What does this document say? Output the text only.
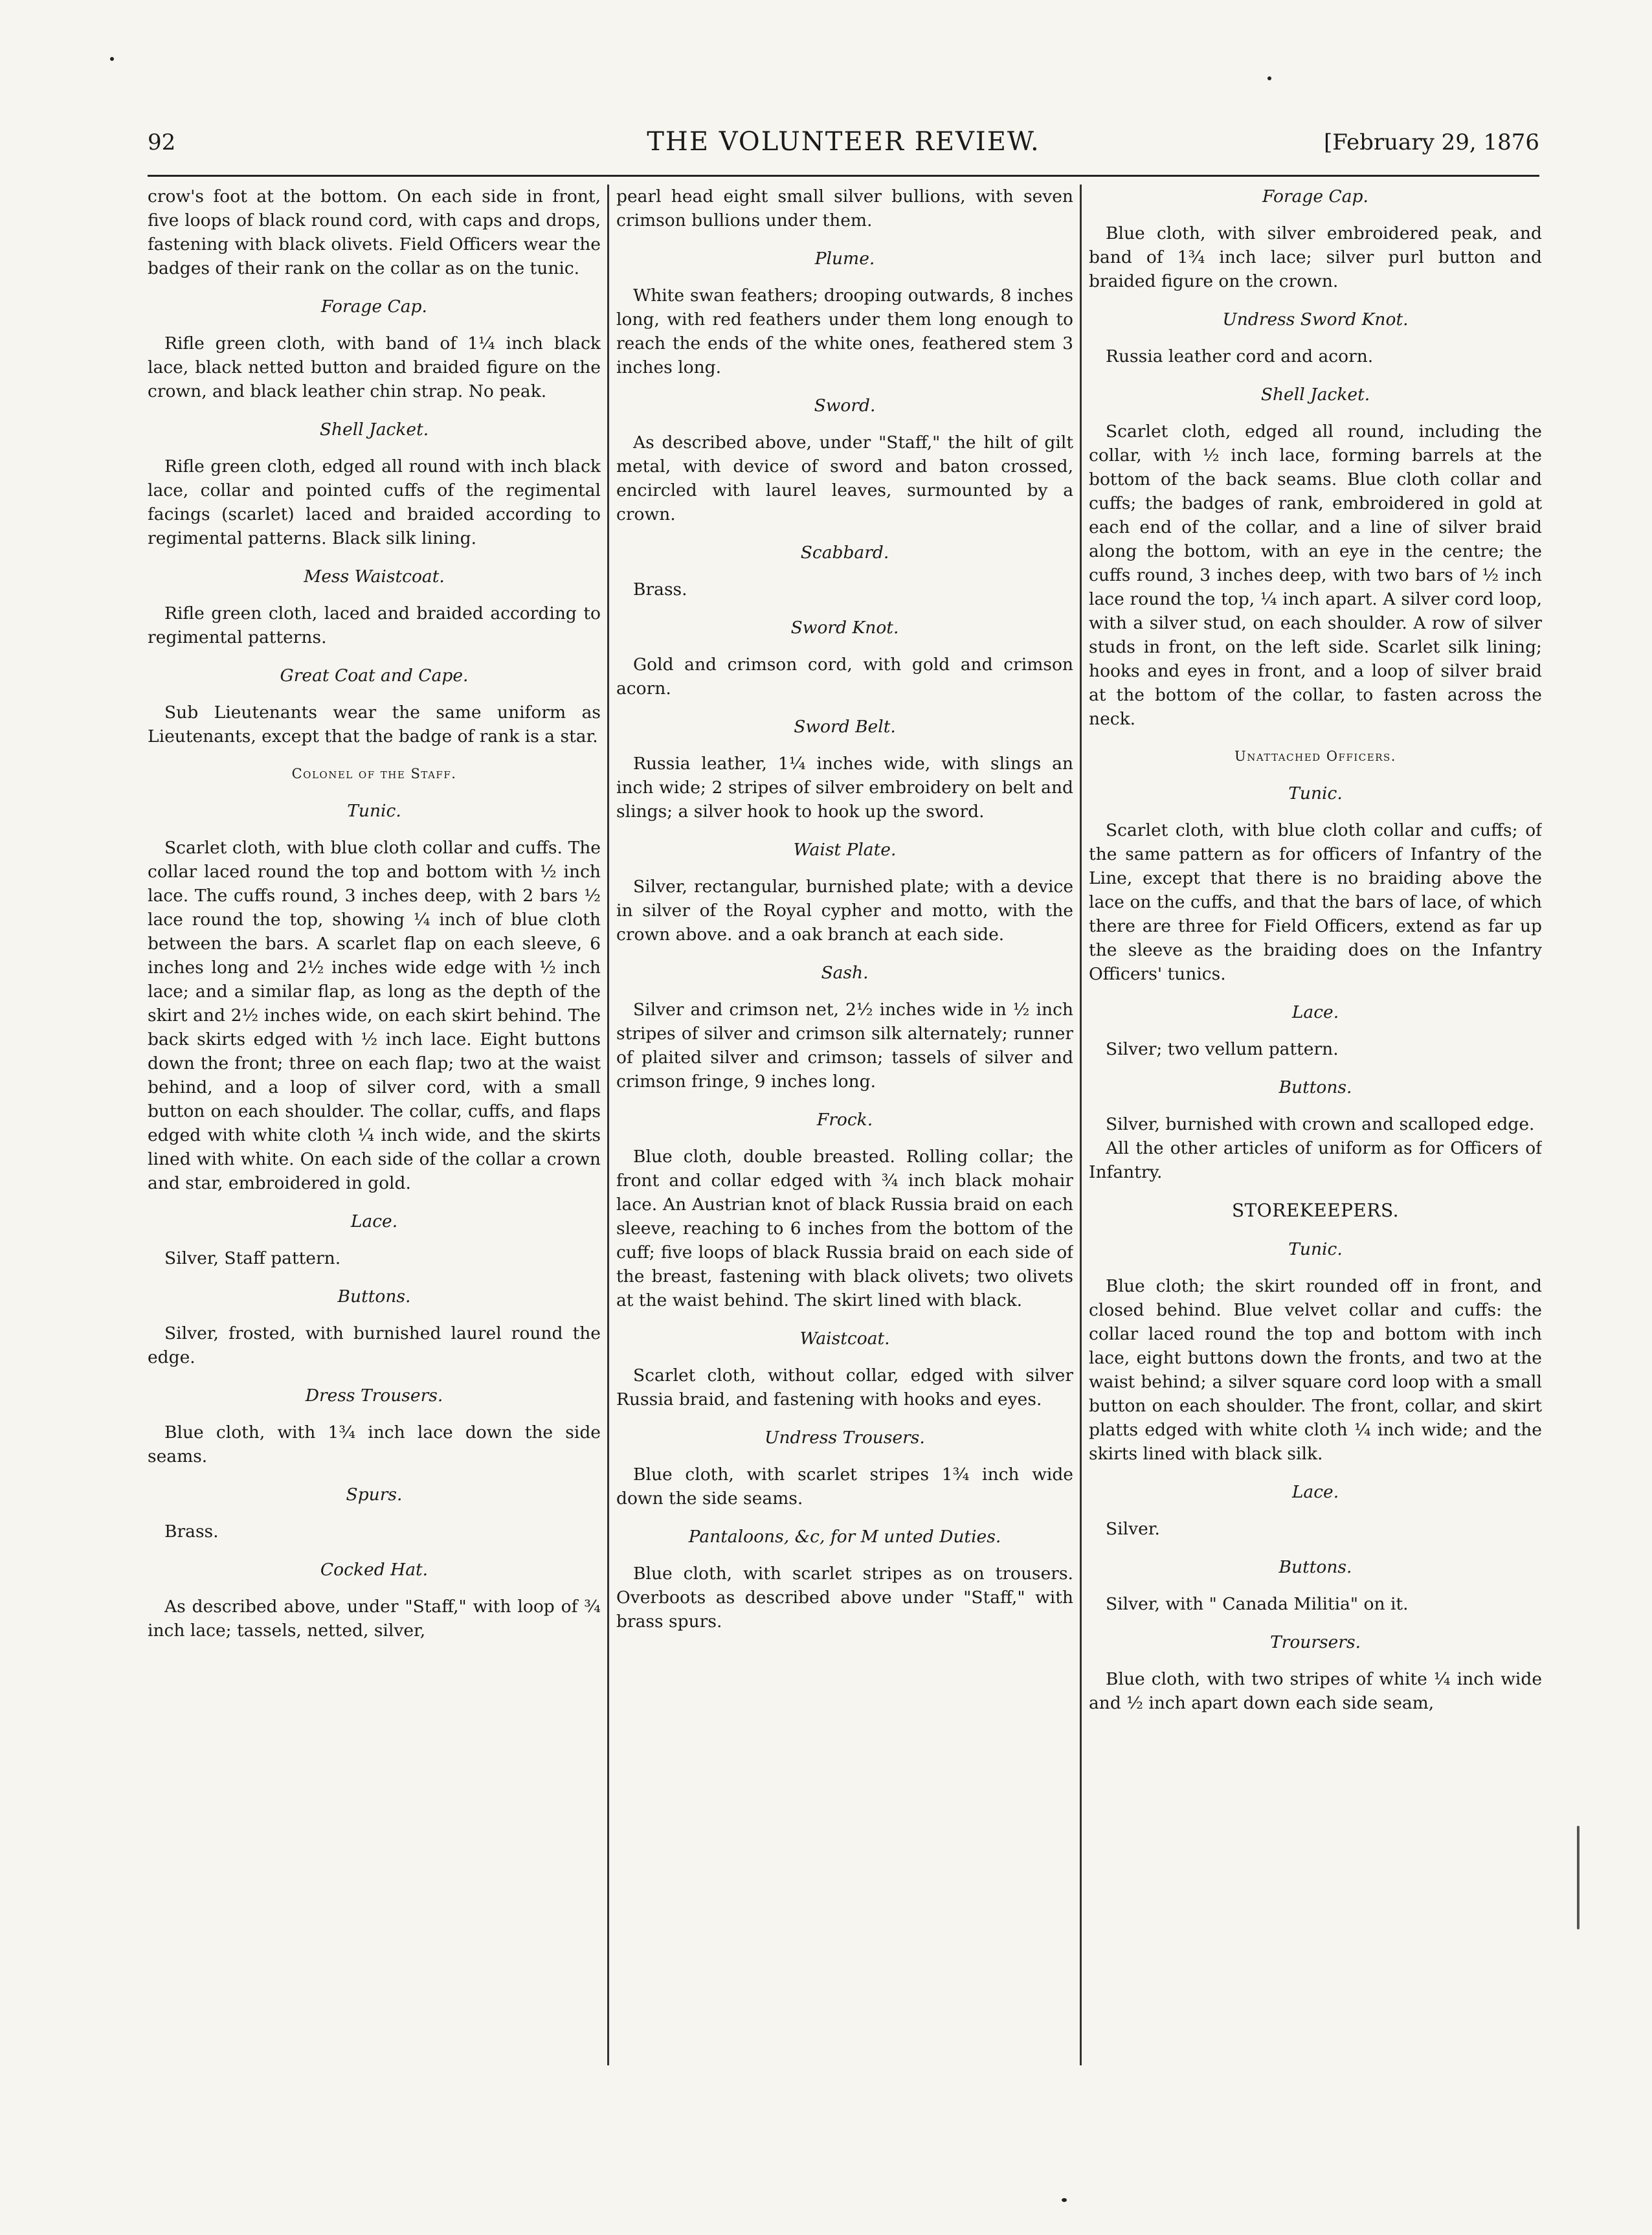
92	THE VOLUNTEER REVIEW.	[February 29, 1876

crow's foot at the bottom. On each side in front, five loops of black round cord, with caps and drops, fastening with black olivets. Field Officers wear the badges of their rank on the collar as on the tunic.

Forage Cap.

Rifle green cloth, with band of 1¼ inch black lace, black netted button and braided figure on the crown, and black leather chin strap. No peak.

Shell Jacket.

Rifle green cloth, edged all round with inch black lace, collar and pointed cuffs of the regimental facings (scarlet) laced and braided according to regimental patterns. Black silk lining.

Mess Waistcoat.

Rifle green cloth, laced and braided according to regimental patterns.

Great Coat and Cape.

Sub Lieutenants wear the same uniform as Lieutenants, except that the badge of rank is a star.

Colonel of the Staff.
Tunic.

Scarlet cloth, with blue cloth collar and cuffs. The collar laced round the top and bottom with ½ inch lace. The cuffs round, 3 inches deep, with 2 bars ½ lace round the top, showing ¼ inch of blue cloth between the bars. A scarlet flap on each sleeve, 6 inches long and 2½ inches wide edge with ½ inch lace; and a similar flap, as long as the depth of the skirt and 2½ inches wide, on each skirt behind. The back skirts edged with ½ inch lace. Eight buttons down the front; three on each flap; two at the waist behind, and a loop of silver cord, with a small button on each shoulder. The collar, cuffs, and flaps edged with white cloth ¼ inch wide, and the skirts lined with white. On each side of the collar a crown and star, embroidered in gold.

Lace.

Silver, Staff pattern.

Buttons.

Silver, frosted, with burnished laurel round the edge.

Dress Trousers.

Blue cloth, with 1¾ inch lace down the side seams.

Spurs.

Brass.

Cocked Hat.

As described above, under "Staff," with loop of ¾ inch lace; tassels, netted, silver,

pearl head eight small silver bullions, with seven crimson bullions under them.

Plume.

White swan feathers; drooping outwards, 8 inches long, with red feathers under them long enough to reach the ends of the white ones, feathered stem 3 inches long.

Sword.

As described above, under "Staff," the hilt of gilt metal, with device of sword and baton crossed, encircled with laurel leaves, surmounted by a crown.

Scabbard.

Brass.

Sword Knot.

Gold and crimson cord, with gold and crimson acorn.

Sword Belt.

Russia leather, 1¼ inches wide, with slings an inch wide; 2 stripes of silver embroidery on belt and slings; a silver hook to hook up the sword.

Waist Plate.

Silver, rectangular, burnished plate; with a device in silver of the Royal cypher and motto, with the crown above. and a oak branch at each side.

Sash.

Silver and crimson net, 2½ inches wide in ½ inch stripes of silver and crimson silk alternately; runner of plaited silver and crimson; tassels of silver and crimson fringe, 9 inches long.

Frock.

Blue cloth, double breasted. Rolling collar; the front and collar edged with ¾ inch black mohair lace. An Austrian knot of black Russia braid on each sleeve, reaching to 6 inches from the bottom of the cuff; five loops of black Russia braid on each side of the breast, fastening with black olivets; two olivets at the waist behind. The skirt lined with black.

Waistcoat.

Scarlet cloth, without collar, edged with silver Russia braid, and fastening with hooks and eyes.

Undress Trousers.

Blue cloth, with scarlet stripes 1¾ inch wide down the side seams.

Pantaloons, &c, for M unted Duties.

Blue cloth, with scarlet stripes as on trousers. Overboots as described above under "Staff," with brass spurs.

Forage Cap.

Blue cloth, with silver embroidered peak, and band of 1¾ inch lace; silver purl button and braided figure on the crown.

Undress Sword Knot.

Russia leather cord and acorn.

Shell Jacket.

Scarlet cloth, edged all round, including the collar, with ½ inch lace, forming barrels at the bottom of the back seams. Blue cloth collar and cuffs; the badges of rank, embroidered in gold at each end of the collar, and a line of silver braid along the bottom, with an eye in the centre; the cuffs round, 3 inches deep, with two bars of ½ inch lace round the top, ¼ inch apart. A silver cord loop, with a silver stud, on each shoulder. A row of silver studs in front, on the left side. Scarlet silk lining; hooks and eyes in front, and a loop of silver braid at the bottom of the collar, to fasten across the neck.

Unattached Officers.
Tunic.

Scarlet cloth, with blue cloth collar and cuffs; of the same pattern as for officers of Infantry of the Line, except that there is no braiding above the lace on the cuffs, and that the bars of lace, of which there are three for Field Officers, extend as far up the sleeve as the braiding does on the Infantry Officers' tunics.

Lace.

Silver; two vellum pattern.

Buttons.

Silver, burnished with crown and scalloped edge.

All the other articles of uniform as for Officers of Infantry.

STOREKEEPERS.
Tunic.

Blue cloth; the skirt rounded off in front, and closed behind. Blue velvet collar and cuffs: the collar laced round the top and bottom with inch lace, eight buttons down the fronts, and two at the waist behind; a silver square cord loop with a small button on each shoulder. The front, collar, and skirt platts edged with white cloth ¼ inch wide; and the skirts lined with black silk.

Lace.

Silver.

Buttons.

Silver, with " Canada Militia" on it.

Troursers.

Blue cloth, with two stripes of white ¼ inch wide and ½ inch apart down each side seam,
